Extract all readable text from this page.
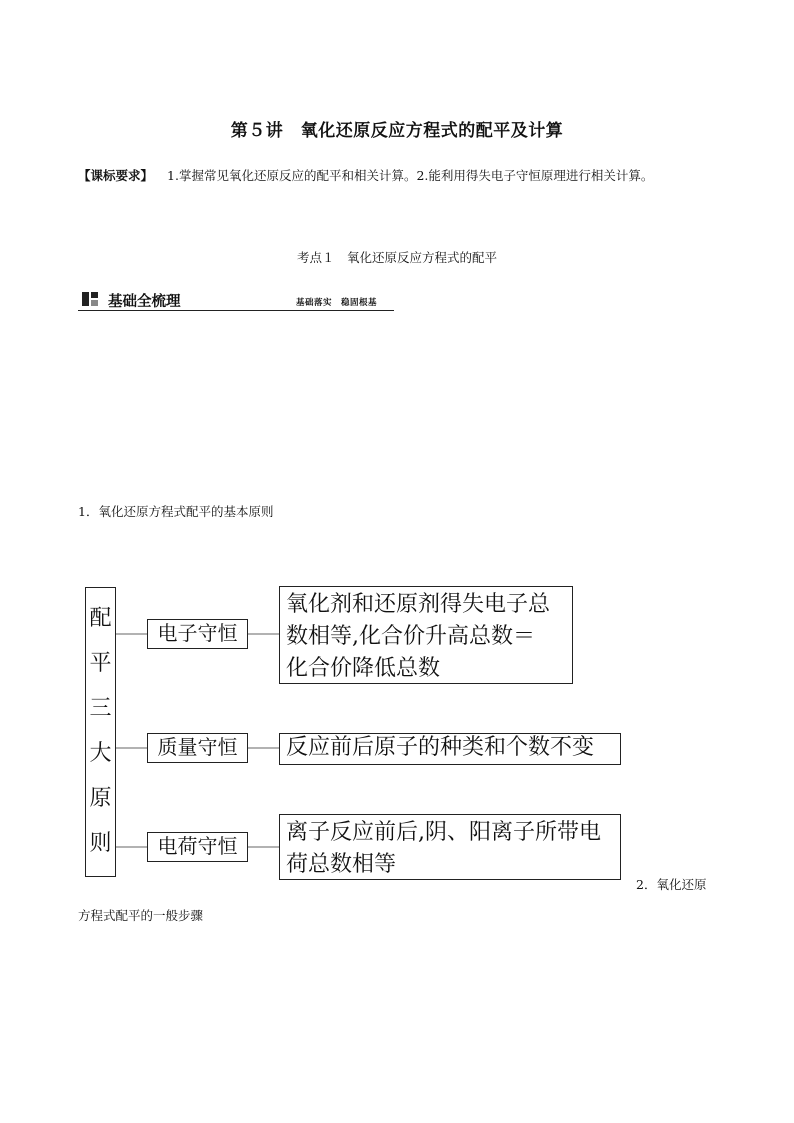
第５讲　氧化还原反应方程式的配平及计算
【课标要求】 1.掌握常见氧化还原反应的配平和相关计算。2.能利用得失电子守恒原理进行相关计算。
考点１　氧化还原反应方程式的配平
基础全梳理	基础落实　稳固根基
1．氧化还原方程式配平的基本原则
配
平
三
大
原
则
电子守恒
氧化剂和还原剂得失电子总
数相等,化合价升高总数＝
化合价降低总数
质量守恒	反应前后原子的种类和个数不变
电荷守恒
离子反应前后,阴、阳离子所带电
荷总数相等
2．氧化还原
方程式配平的一般步骤
